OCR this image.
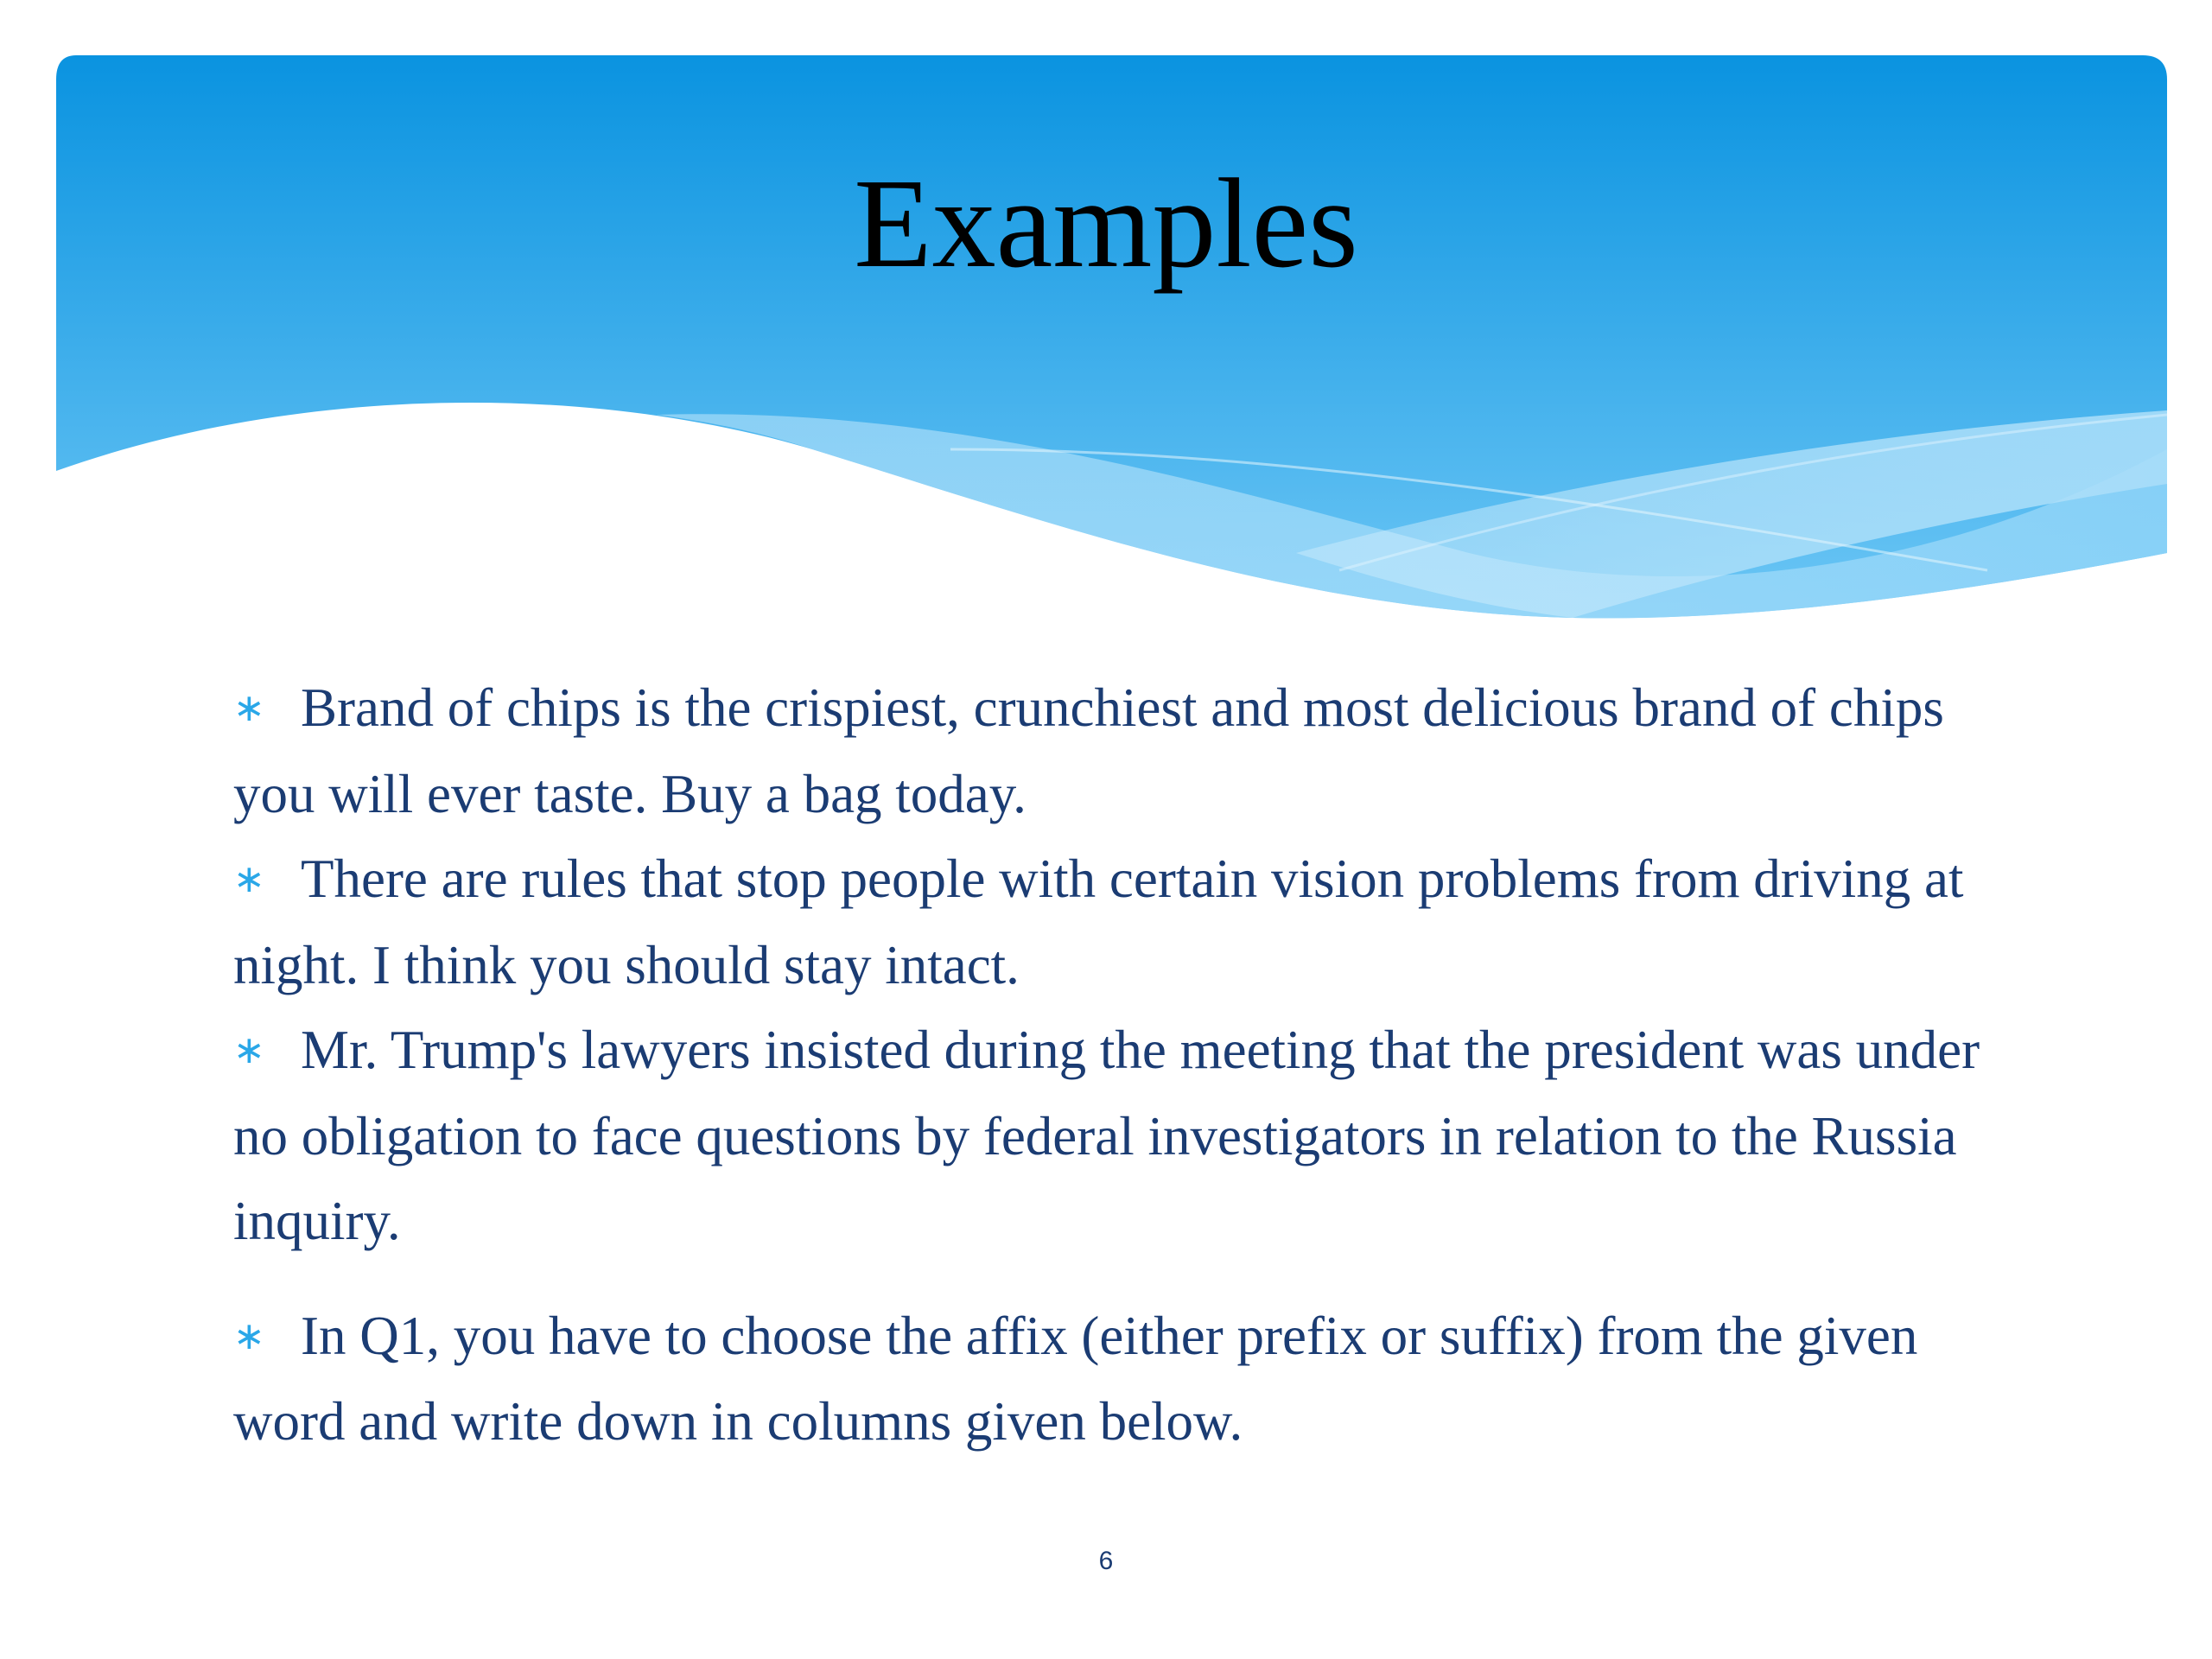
Examples

∗ Brand of chips is the crispiest, crunchiest and most delicious brand of chips you will ever taste. Buy a bag today.

∗ There are rules that stop people with certain vision problems from driving at night. I think you should stay intact.

∗ Mr. Trump's lawyers insisted during the meeting that the president was under no obligation to face questions by federal investigators in relation to the Russia inquiry.

∗ In Q1, you have to choose the affix (either prefix or suffix) from the given word and write down in columns given below.

6
